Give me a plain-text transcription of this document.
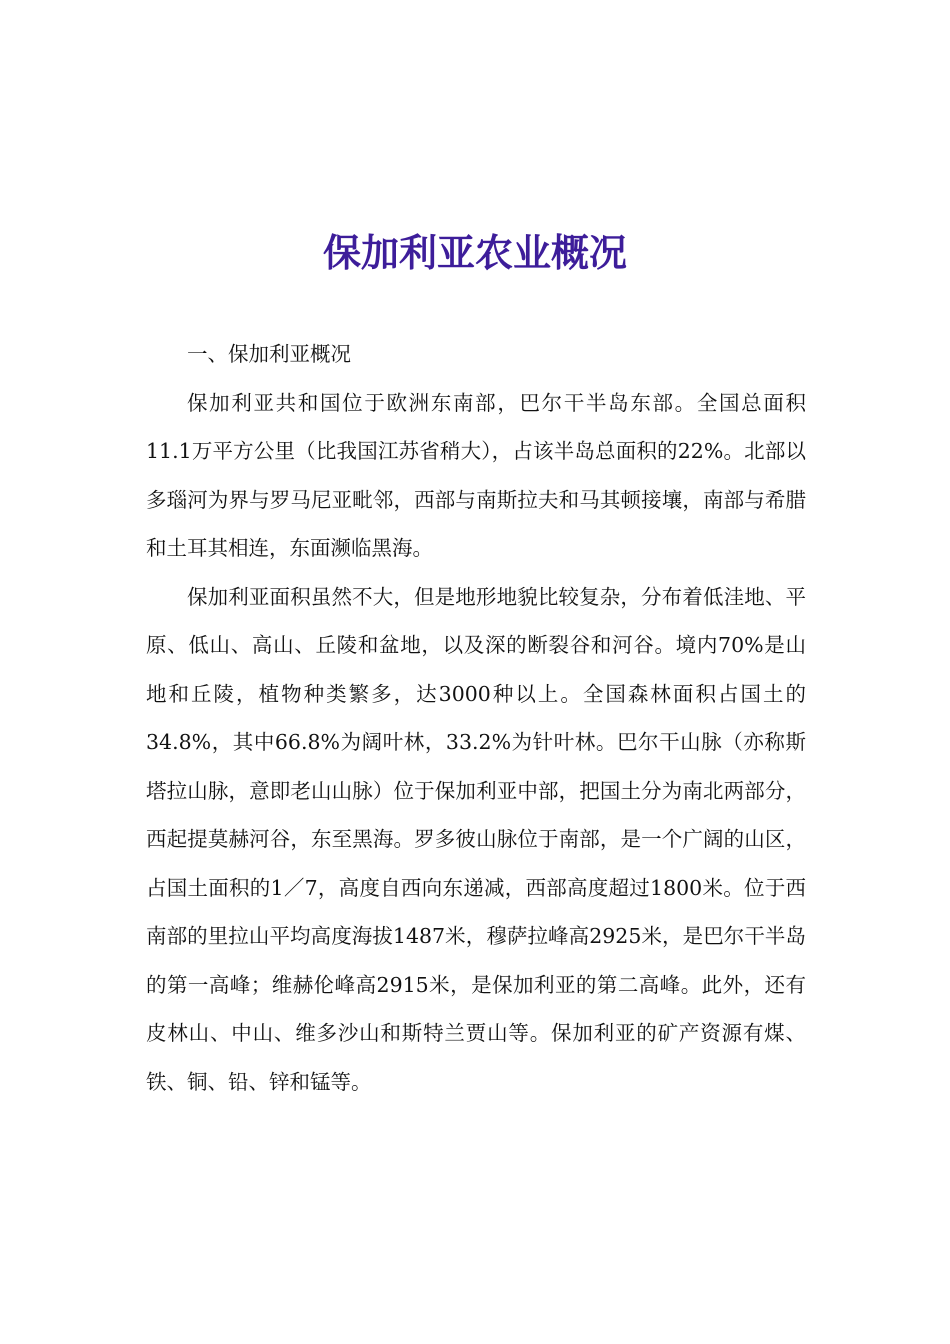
保加利亚农业概况

一、保加利亚概况

保加利亚共和国位于欧洲东南部，巴尔干半岛东部。全国总面积11.1万平方公里（比我国江苏省稍大），占该半岛总面积的22%。北部以多瑙河为界与罗马尼亚毗邻，西部与南斯拉夫和马其顿接壤，南部与希腊和土耳其相连，东面濒临黑海。

保加利亚面积虽然不大，但是地形地貌比较复杂，分布着低洼地、平原、低山、高山、丘陵和盆地，以及深的断裂谷和河谷。境内70%是山地和丘陵，植物种类繁多，达3000种以上。全国森林面积占国土的34.8%，其中66.8%为阔叶林，33.2%为针叶林。巴尔干山脉（亦称斯塔拉山脉，意即老山山脉）位于保加利亚中部，把国土分为南北两部分，西起提莫赫河谷，东至黑海。罗多彼山脉位于南部，是一个广阔的山区，占国土面积的1／7，高度自西向东递减，西部高度超过1800米。位于西南部的里拉山平均高度海拔1487米，穆萨拉峰高2925米，是巴尔干半岛的第一高峰；维赫伦峰高2915米，是保加利亚的第二高峰。此外，还有皮林山、中山、维多沙山和斯特兰贾山等。保加利亚的矿产资源有煤、铁、铜、铅、锌和锰等。
